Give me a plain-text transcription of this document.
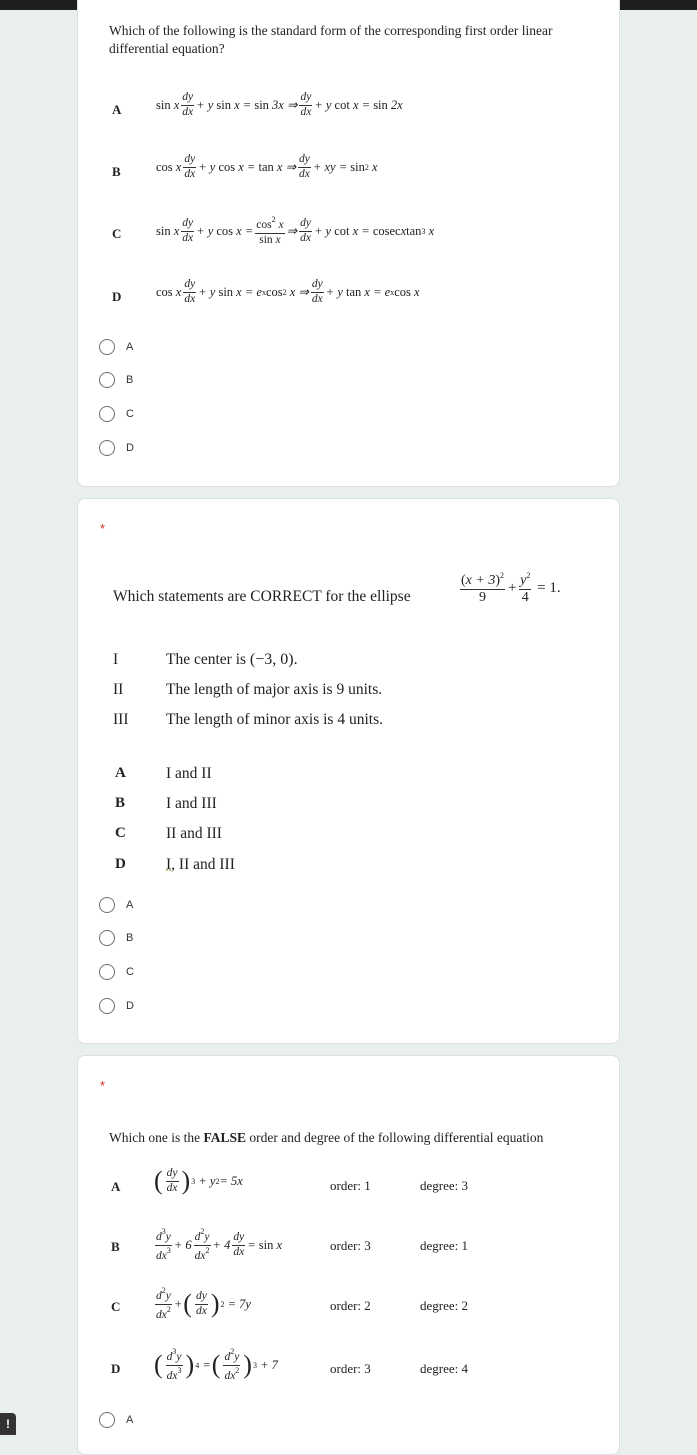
Which of the following is the standard form of the corresponding first order linear differential equation?
A	sin x $\frac{dy}{dx} + y$ sin x = sin 3x ⇒ $\frac{dy}{dx} + y$ cot x = sin 2x
B	cos x $\frac{dy}{dx} + y$ cos x = tan x ⇒ $\frac{dy}{dx}$ + xy = sin 2 x
C	sin x $\frac{dy}{dx} + y$ $\cos x = \frac{\cos^2 x}{\text{sin x}}$ ⇒ $\frac{dy}{dx} + y$ cot x = cosec x tan 3 x
D	cos x $\frac{dy}{dx} + y$ sin x = e x cos 2 x ⇒ $\frac{dy}{dx} + y$ tan x = e x cos x
A
B
C
D
*
Which statements are CORRECT for the ellipse	$\frac{(x + 3)^2}{9} + \frac{y^2}{4} = 1$.
I	The center is (−3, 0).
II	The length of major axis is 9 units.
III The length of minor axis is 4 units.
A	I and II
B	I and III
C	II and III
D	I, II and III
A
B
C
D
*
Which one is the FALSE order and degree of the following differential equation
A ( $\frac{dy}{dx}$ ) 3 + y 2 = 5x	order: 1	degree: 3
B	$\frac{d^3y}{dx^3} + 6 \frac{d^2y}{dx^2} + 4 \frac{dy}{dx} = \sin x$	order: 3	degree: 1
C	$\frac{d^2y}{dx^2}$ + ( $\frac{dy}{dx}$ ) 2 = 7y	order: 2	degree: 2
D ( $\frac{d^3y}{dx^3}$ ) 4 = ( $\frac{d^2y}{dx^2}$ ) 3 + 7	order: 3	degree: 4
A
!
